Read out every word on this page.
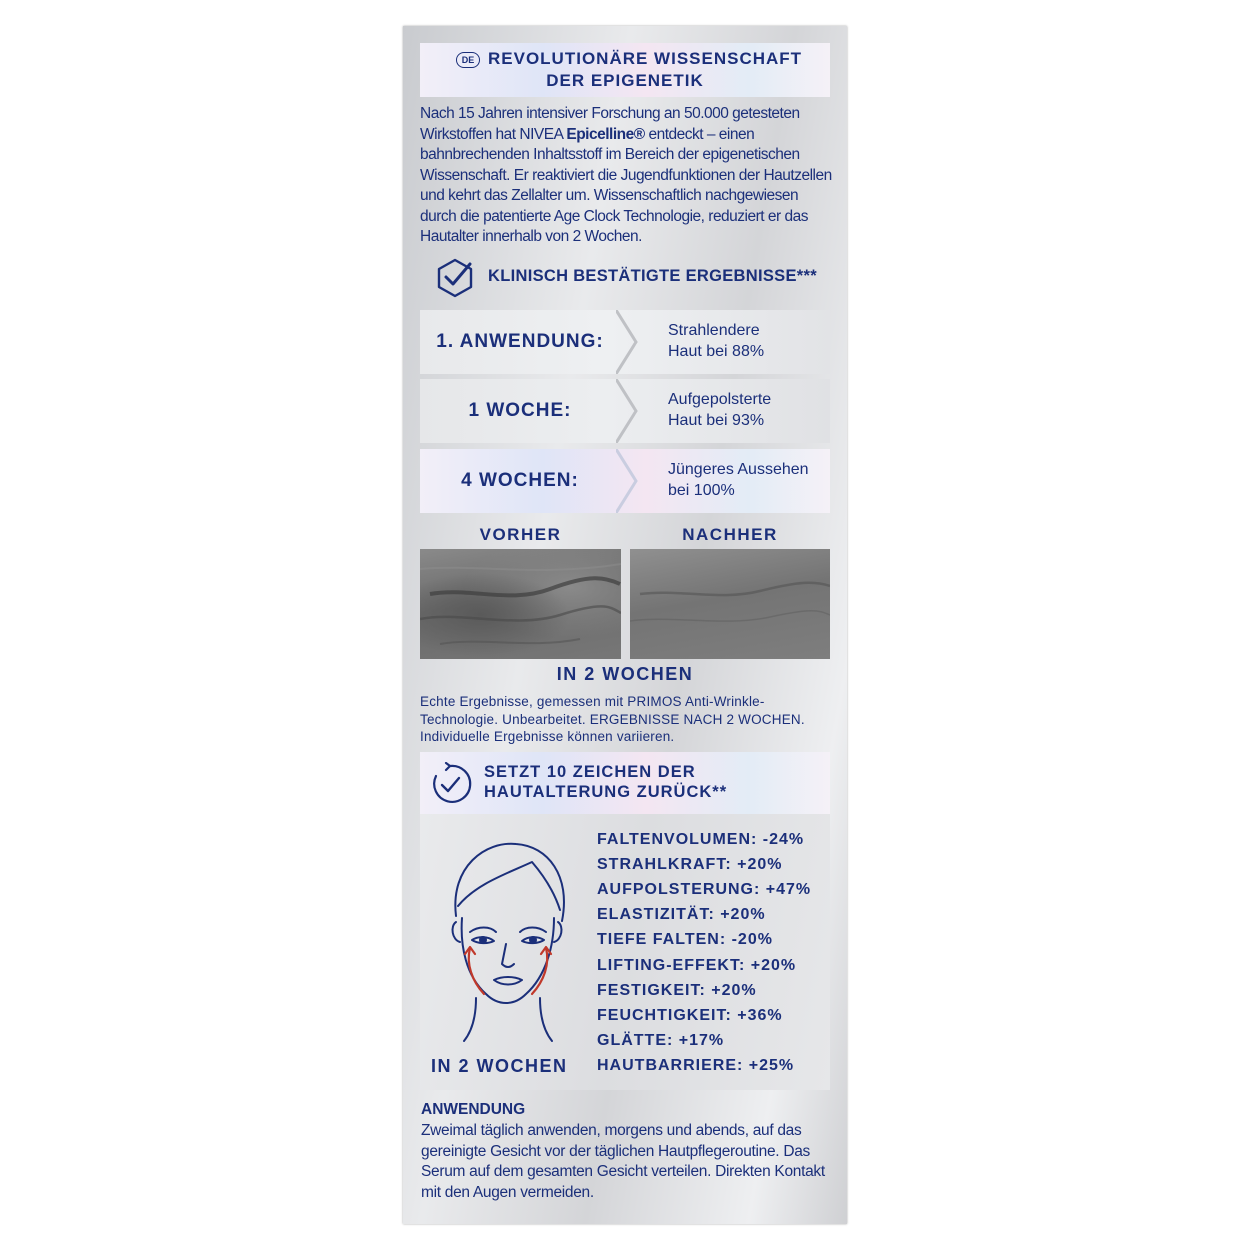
DE REVOLUTIONÄRE WISSENSCHAFT
DER EPIGENETIK
Nach 15 Jahren intensiver Forschung an 50.000 getesteten Wirkstoffen hat NIVEA Epicelline® entdeckt – einen bahnbrechenden Inhaltsstoff im Bereich der epigenetischen Wissenschaft. Er reaktiviert die Jugendfunktionen der Hautzellen und kehrt das Zellalter um. Wissenschaftlich nachgewiesen durch die patentierte Age Clock Technologie, reduziert er das Hautalter innerhalb von 2 Wochen.
KLINISCH BESTÄTIGTE ERGEBNISSE***
1. ANWENDUNG:
Strahlendere
Haut bei 88%
1 WOCHE:
Aufgepolsterte
Haut bei 93%
4 WOCHEN:
Jüngeres Aussehen
bei 100%
VORHER	NACHHER
IN 2 WOCHEN
Echte Ergebnisse, gemessen mit PRIMOS Anti-Wrinkle-Technologie. Unbearbeitet. ERGEBNISSE NACH 2 WOCHEN. Individuelle Ergebnisse können variieren.
SETZT 10 ZEICHEN DER
HAUTALTERUNG ZURÜCK**
IN 2 WOCHEN
FALTENVOLUMEN: -24%
STRAHLKRAFT: +20%
AUFPOLSTERUNG: +47%
ELASTIZITÄT: +20%
TIEFE FALTEN: -20%
LIFTING-EFFEKT: +20%
FESTIGKEIT: +20%
FEUCHTIGKEIT: +36%
GLÄTTE: +17%
HAUTBARRIERE: +25%
ANWENDUNG
Zweimal täglich anwenden, morgens und abends, auf das gereinigte Gesicht vor der täglichen Hautpflegeroutine. Das Serum auf dem gesamten Gesicht verteilen. Direkten Kontakt mit den Augen vermeiden.
